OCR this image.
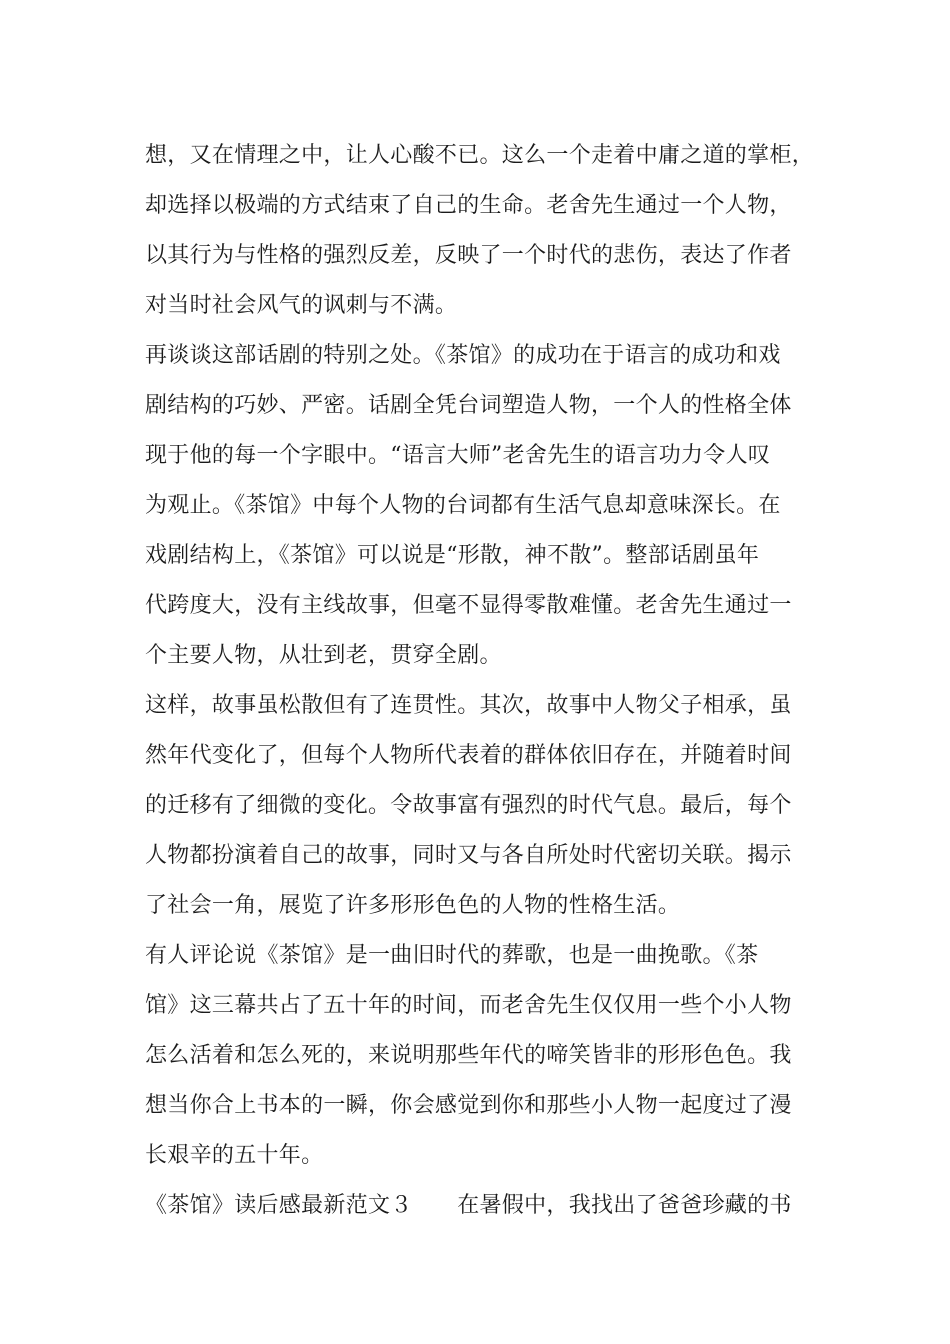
想，又在情理之中，让人心酸不已。这么一个走着中庸之道的掌柜，
却选择以极端的方式结束了自己的生命。老舍先生通过一个人物，
以其行为与性格的强烈反差，反映了一个时代的悲伤，表达了作者
对当时社会风气的讽刺与不满。
再谈谈这部话剧的特别之处。《茶馆》的成功在于语言的成功和戏
剧结构的巧妙、严密。话剧全凭台词塑造人物，一个人的性格全体
现于他的每一个字眼中。“语言大师”老舍先生的语言功力令人叹
为观止。《茶馆》中每个人物的台词都有生活气息却意味深长。在
戏剧结构上，《茶馆》可以说是“形散，神不散”。整部话剧虽年
代跨度大，没有主线故事，但毫不显得零散难懂。老舍先生通过一
个主要人物，从壮到老，贯穿全剧。
这样，故事虽松散但有了连贯性。其次，故事中人物父子相承，虽
然年代变化了，但每个人物所代表着的群体依旧存在，并随着时间
的迁移有了细微的变化。令故事富有强烈的时代气息。最后，每个
人物都扮演着自己的故事，同时又与各自所处时代密切关联。揭示
了社会一角，展览了许多形形色色的人物的性格生活。
有人评论说《茶馆》是一曲旧时代的葬歌，也是一曲挽歌。《茶
馆》这三幕共占了五十年的时间，而老舍先生仅仅用一些个小人物
怎么活着和怎么死的，来说明那些年代的啼笑皆非的形形色色。我
想当你合上书本的一瞬，你会感觉到你和那些小人物一起度过了漫
长艰辛的五十年。
《茶馆》读后感最新范文３　　在暑假中，我找出了爸爸珍藏的书
